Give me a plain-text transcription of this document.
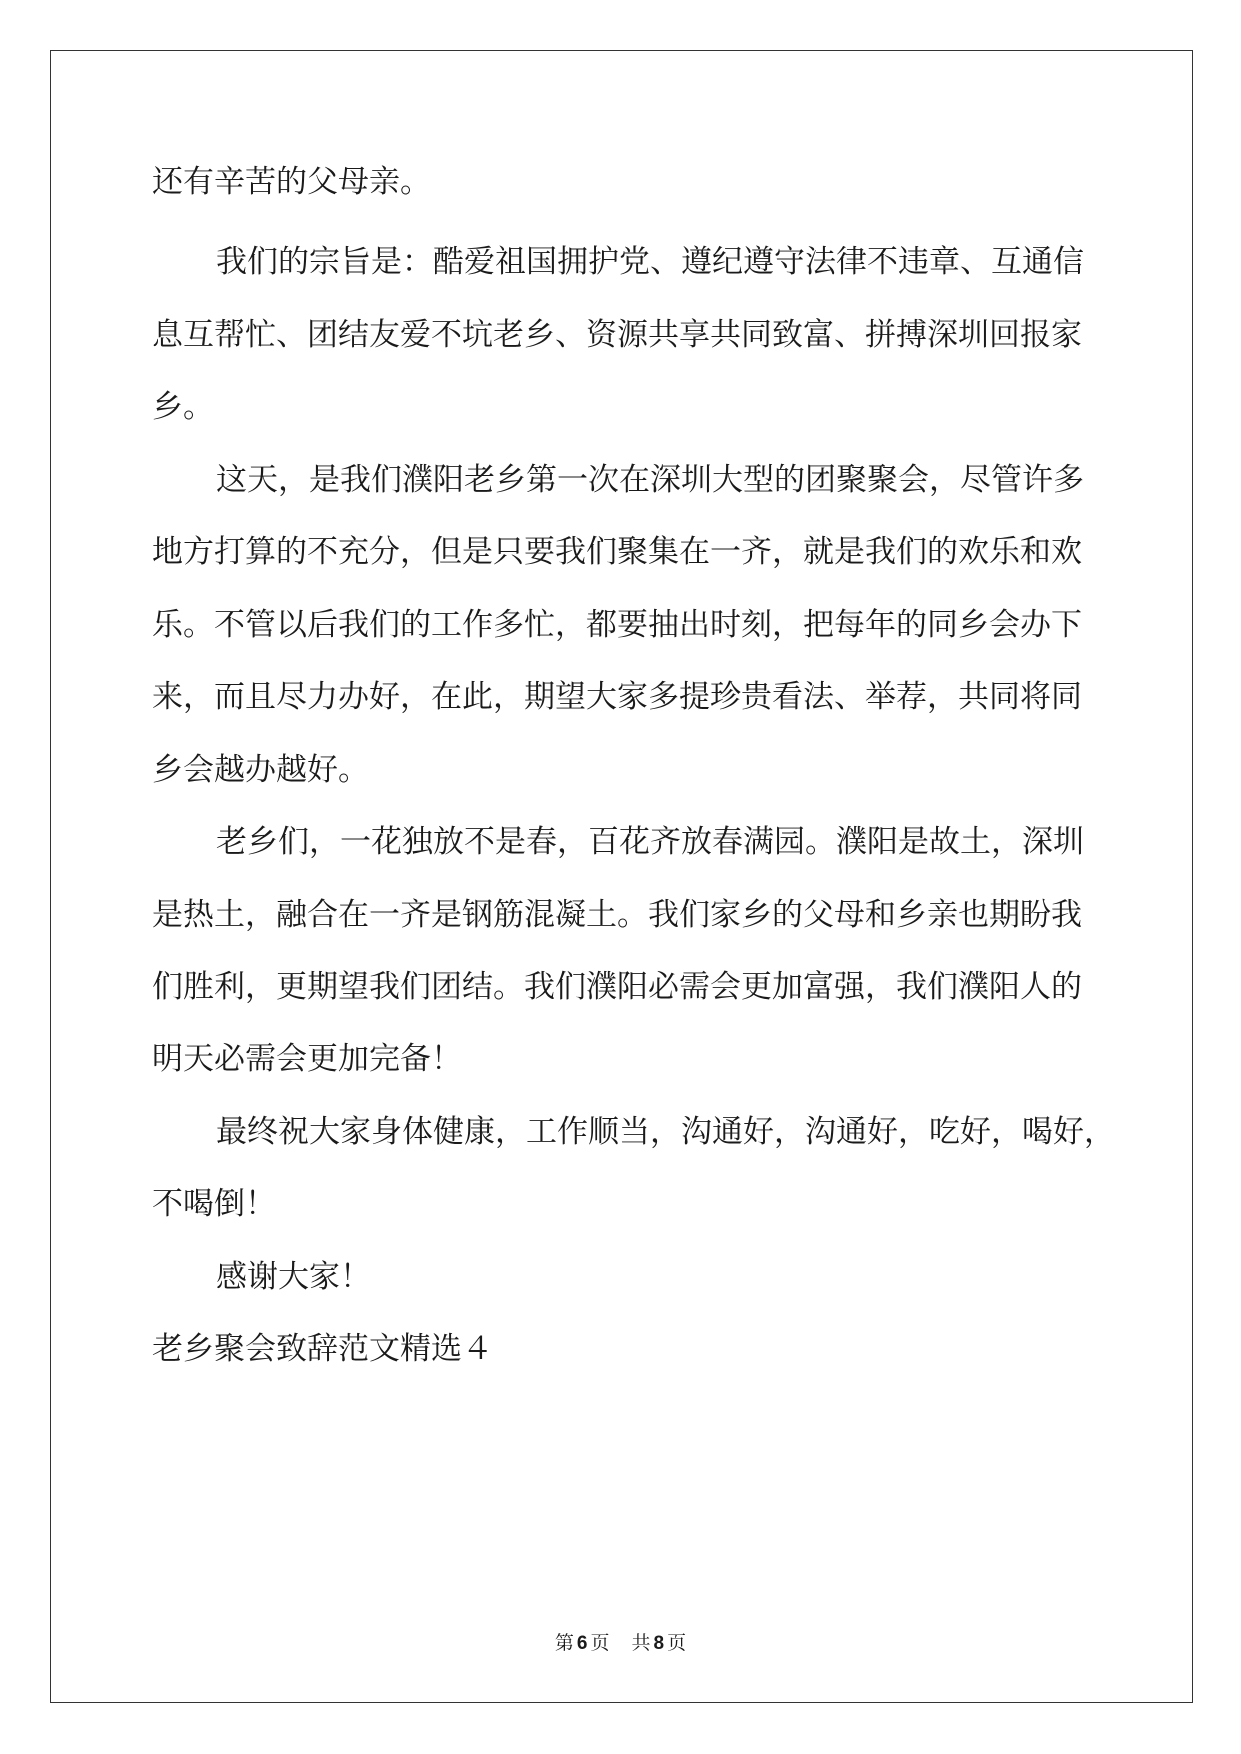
还有辛苦的父母亲。
我们的宗旨是：酷爱祖国拥护党、遵纪遵守法律不违章、互通信
息互帮忙、团结友爱不坑老乡、资源共享共同致富、拼搏深圳回报家
乡。
这天，是我们濮阳老乡第一次在深圳大型的团聚聚会，尽管许多
地方打算的不充分，但是只要我们聚集在一齐，就是我们的欢乐和欢
乐。不管以后我们的工作多忙，都要抽出时刻，把每年的同乡会办下
来，而且尽力办好，在此，期望大家多提珍贵看法、举荐，共同将同
乡会越办越好。
老乡们，一花独放不是春，百花齐放春满园。濮阳是故土，深圳
是热土，融合在一齐是钢筋混凝土。我们家乡的父母和乡亲也期盼我
们胜利，更期望我们团结。我们濮阳必需会更加富强，我们濮阳人的
明天必需会更加完备！
最终祝大家身体健康，工作顺当，沟通好，沟通好，吃好，喝好，
不喝倒！
感谢大家！
老乡聚会致辞范文精选４
第 6 页 共 8 页
